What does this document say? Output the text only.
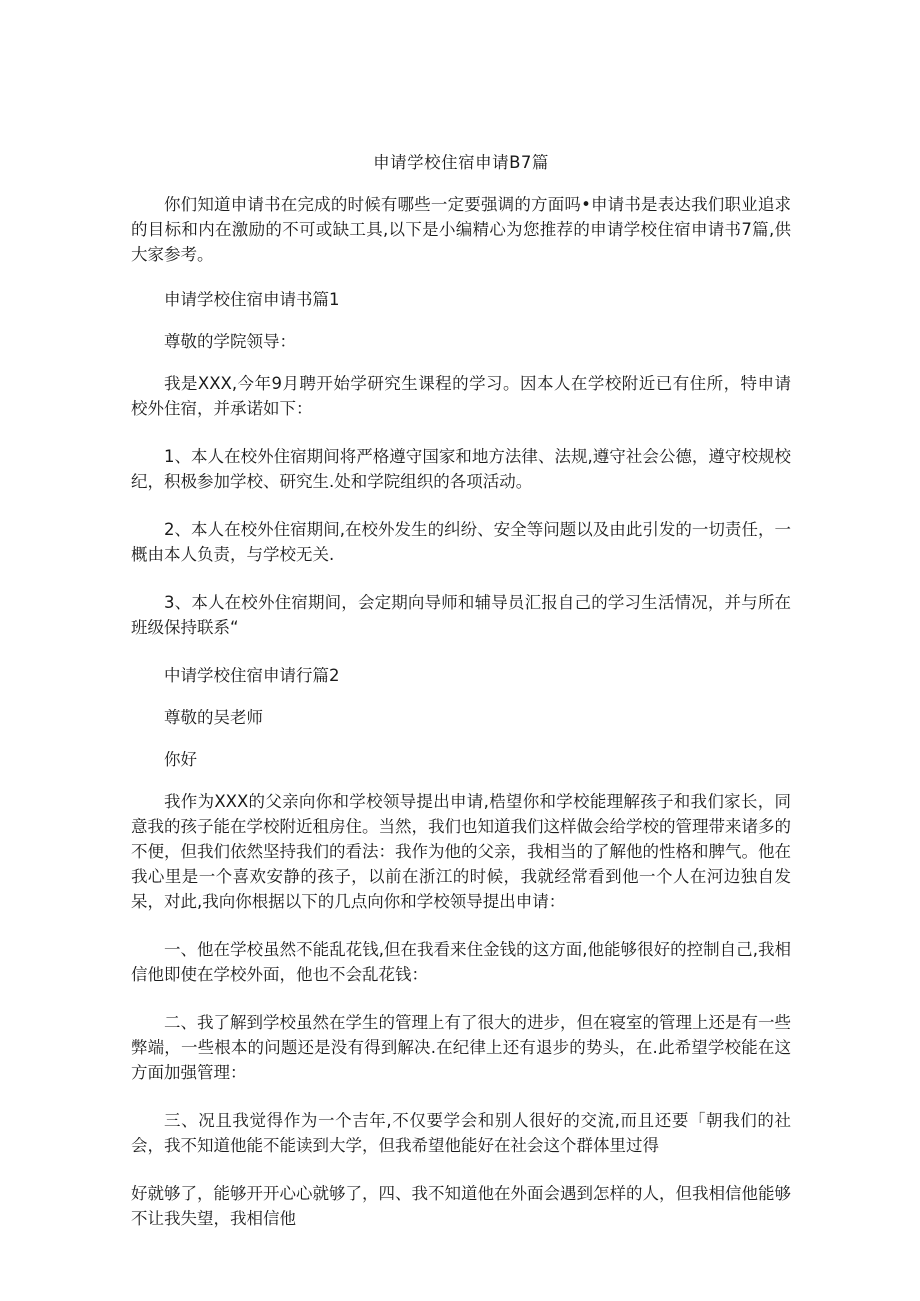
申请学校住宿申请B7篇

你们知道申请书在完成的时候有哪些一定要强调的方面吗•申请书是表达我们职业追求的目标和内在激励的不可或缺工具,以下是小编精心为您推荐的申请学校住宿申请书7篇,供大家参考。

申请学校住宿申请书篇1

尊敬的学院领导：

我是XXX,今年9月聘开始学研究生课程的学习。因本人在学校附近已有住所，特申请校外住宿，并承诺如下：

1、本人在校外住宿期间将严格遵守国家和地方法律、法规,遵守社会公德，遵守校规校纪，积极参加学校、研究生.处和学院组织的各项活动。

2、本人在校外住宿期间,在校外发生的纠纷、安全等问题以及由此引发的一切责任，一概由本人负责，与学校无关.

3、本人在校外住宿期间，会定期向导师和辅导员汇报自己的学习生活情况，并与所在班级保持联系“

中请学校住宿申请行篇2

尊敬的吴老师

你好

我作为XXX的父亲向你和学校领导提出申请,梏望你和学校能理解孩子和我们家长，同意我的孩子能在学校附近租房住。当然，我们也知道我们这样做会给学校的管理带来诸多的不便，但我们依然坚持我们的看法：我作为他的父亲，我相当的了解他的性格和脾气。他在我心里是一个喜欢安静的孩子，以前在浙江的时候，我就经常看到他一个人在河边独自发呆，对此,我向你根据以下的几点向你和学校领导提出申请：

一、他在学校虽然不能乱花钱,但在我看来住金钱的这方面,他能够很好的控制自己,我相信他即使在学校外面，他也不会乱花钱：

二、我了解到学校虽然在学生的管理上有了很大的进步，但在寝室的管理上还是有一些弊端，一些根本的问题还是没有得到解决.在纪律上还有退步的势头，在.此希望学校能在这方面加强管理：

三、况且我觉得作为一个吉年,不仅要学会和别人很好的交流,而且还要「朝我们的社会，我不知道他能不能读到大学，但我希望他能好在社会这个群体里过得

好就够了，能够开开心心就够了，四、我不知道他在外面会遇到怎样的人，但我相信他能够不让我失望，我相信他
